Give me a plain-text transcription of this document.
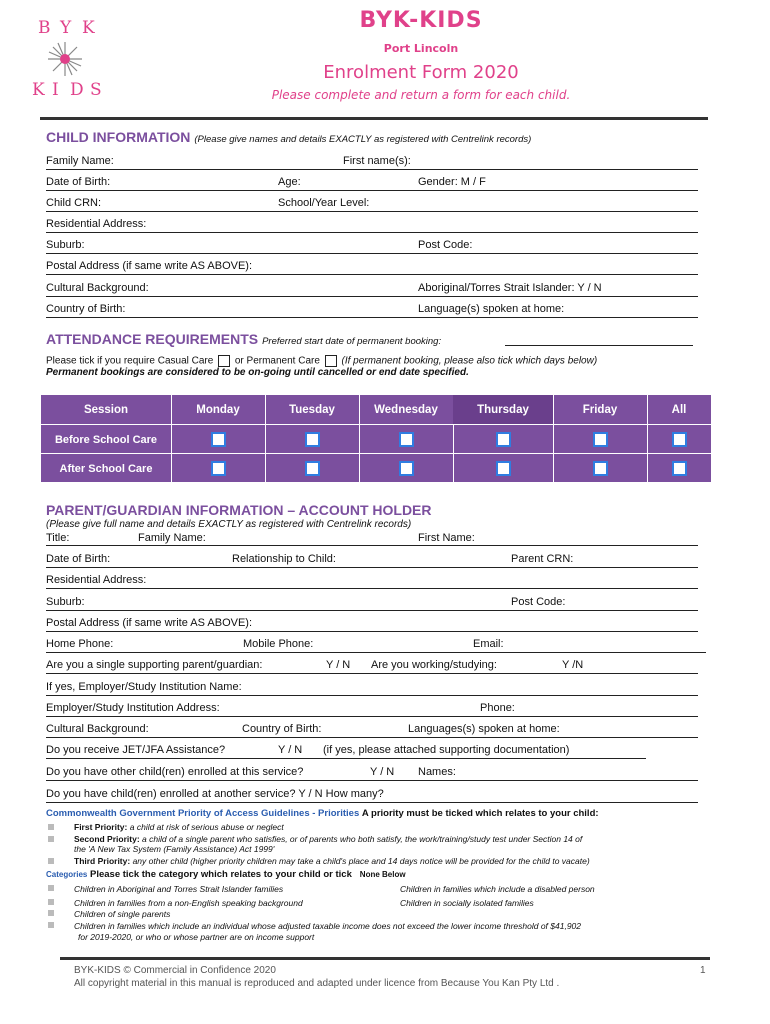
B Y K
K I D S
BYK-KIDS
Port Lincoln
Enrolment Form 2020
Please complete and return a form for each child.
CHILD INFORMATION (Please give names and details EXACTLY as registered with Centrelink records)
Family Name:	First name(s):
Date of Birth:	Age:	Gender: M / F
Child CRN:	School/Year Level:
Residential Address:
Suburb:	Post Code:
Postal Address (if same write AS ABOVE):
Cultural Background:	Aboriginal/Torres Strait Islander: Y / N
Country of Birth:	Language(s) spoken at home:
ATTENDANCE REQUIREMENTS Preferred start date of permanent booking:
Please tick if you require Casual Care or Permanent Care (If permanent booking, please also tick which days below)
Permanent bookings are considered to be on-going until cancelled or end date specified.
Session	Monday	Tuesday	Wednesday	Thursday	Friday	All
Before School Care
After School Care
PARENT/GUARDIAN INFORMATION – ACCOUNT HOLDER
(Please give full name and details EXACTLY as registered with Centrelink records)
Title:	Family Name:	First Name:
Date of Birth:	Relationship to Child:	Parent CRN:
Residential Address:
Suburb:	Post Code:
Postal Address (if same write AS ABOVE):
Home Phone:	Mobile Phone:	Email:
Are you a single supporting parent/guardian:	Y / N Are you working/studying:	Y /N
If yes, Employer/Study Institution Name:
Employer/Study Institution Address:	Phone:
Cultural Background:	Country of Birth:	Languages(s) spoken at home:
Do you receive JET/JFA Assistance?	Y / N (if yes, please attached supporting documentation)
Do you have other child(ren) enrolled at this service?	Y / N Names:
Do you have child(ren) enrolled at another service? Y / N How many?
Commonwealth Government Priority of Access Guidelines - Priorities A priority must be ticked which relates to your child:
First Priority: a child at risk of serious abuse or neglect
Second Priority: a child of a single parent who satisfies, or of parents who both satisfy, the work/training/study test under Section 14 of
the 'A New Tax System (Family Assistance) Act 1999'
Third Priority: any other child (higher priority children may take a child's place and 14 days notice will be provided for the child to vacate)
Categories Please tick the category which relates to your child or tick None Below
Children in Aboriginal and Torres Strait Islander families	Children in families which include a disabled person
Children in families from a non-English speaking background	Children in socially isolated families
Children of single parents
Children in families which include an individual whose adjusted taxable income does not exceed the lower income threshold of $41,902
for 2019-2020, or who or whose partner are on income support
BYK-KIDS © Commercial in Confidence 2020	1
All copyright material in this manual is reproduced and adapted under licence from Because You Kan Pty Ltd .
